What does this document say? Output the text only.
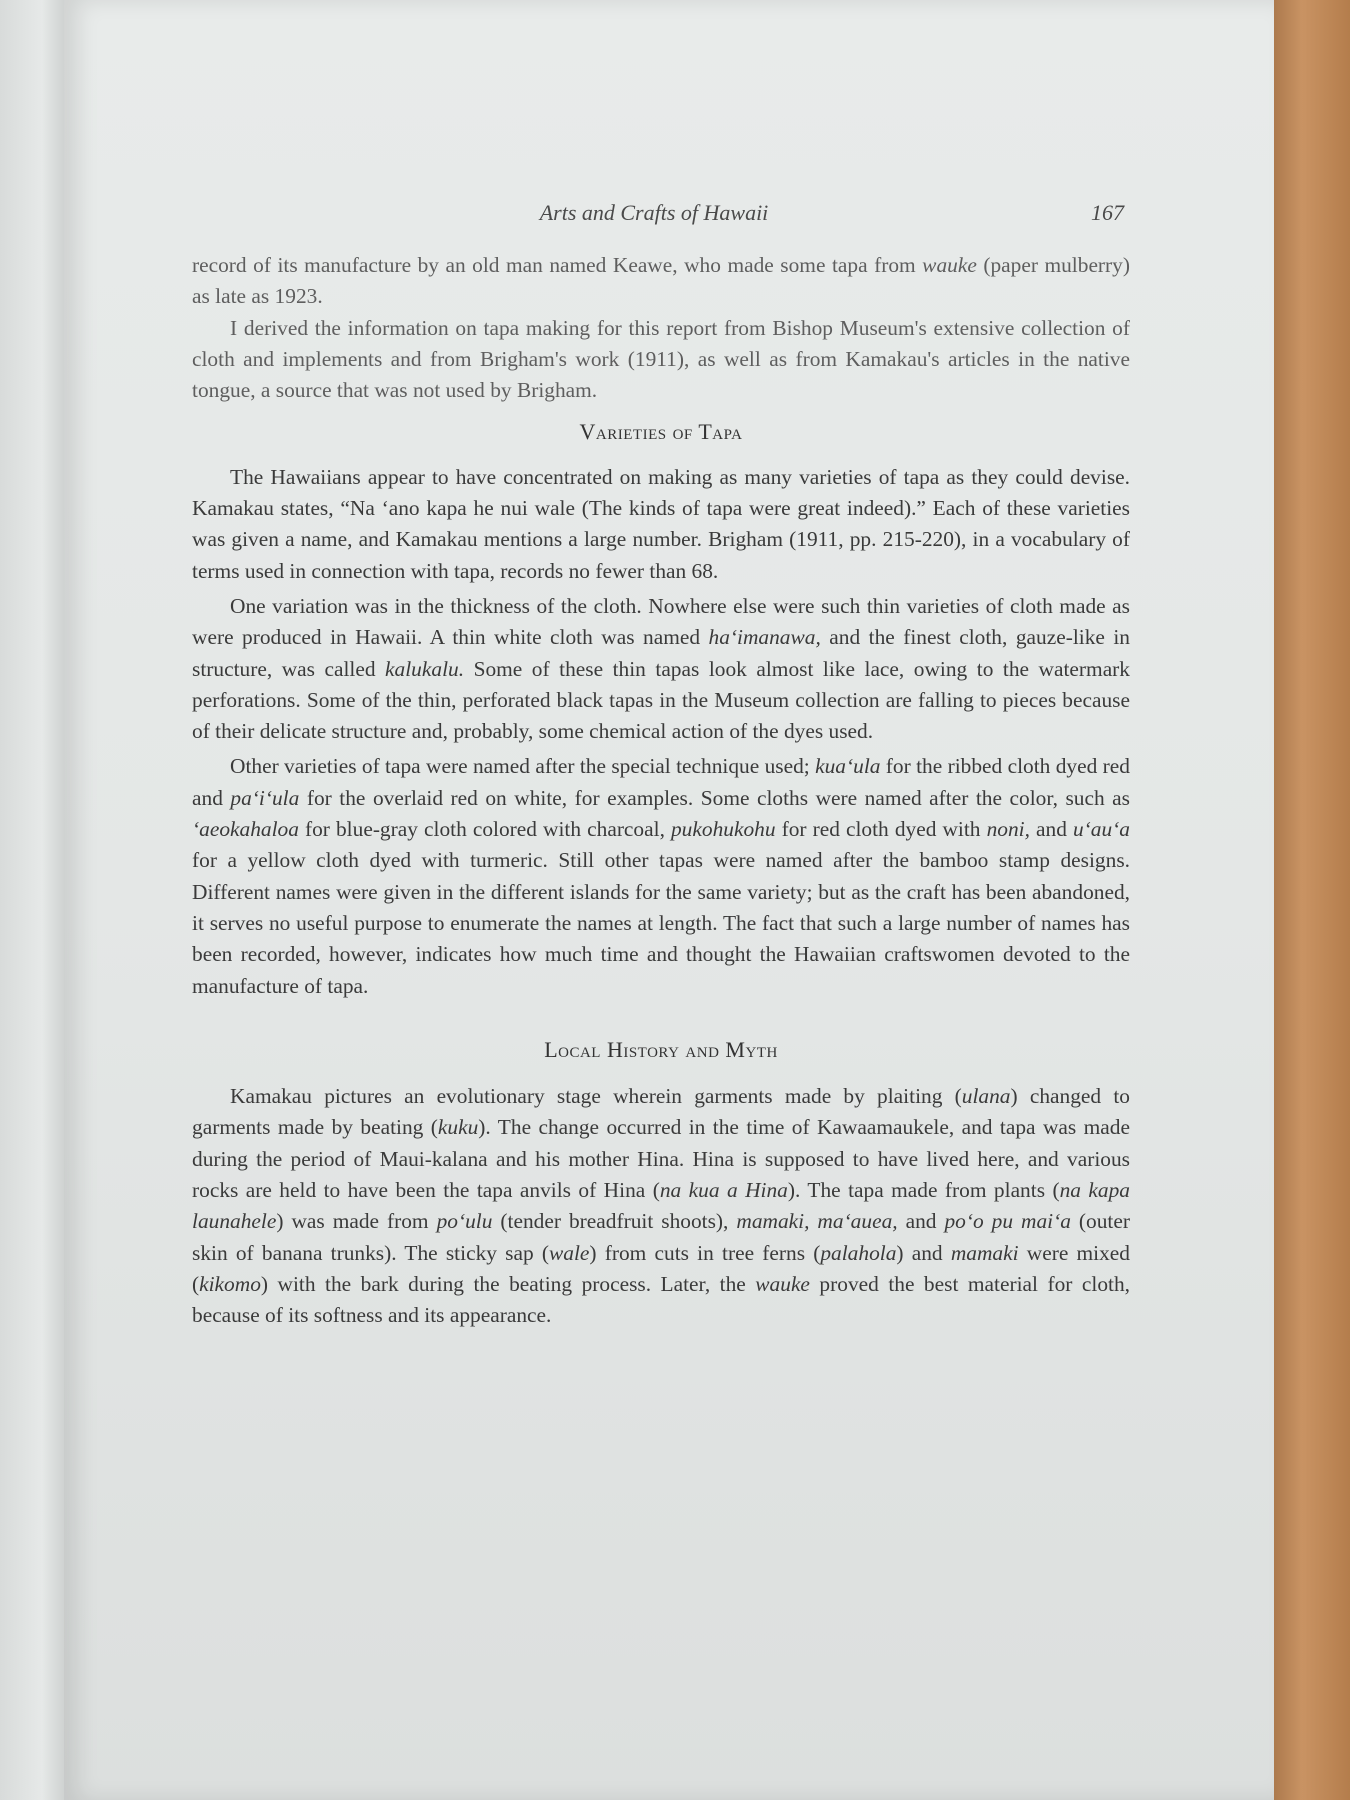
Arts and Crafts of Hawaii	167

record of its manufacture by an old man named Keawe, who made some tapa from wauke (paper mulberry) as late as 1923.

I derived the information on tapa making for this report from Bishop Museum's extensive collection of cloth and implements and from Brigham's work (1911), as well as from Kamakau's articles in the native tongue, a source that was not used by Brigham.

Varieties of Tapa

The Hawaiians appear to have concentrated on making as many varieties of tapa as they could devise. Kamakau states, “Na ‘ano kapa he nui wale (The kinds of tapa were great indeed).” Each of these varieties was given a name, and Kamakau mentions a large number. Brigham (1911, pp. 215-220), in a vocabulary of terms used in connection with tapa, records no fewer than 68.

One variation was in the thickness of the cloth. Nowhere else were such thin varieties of cloth made as were produced in Hawaii. A thin white cloth was named ha‘imanawa, and the finest cloth, gauze-like in structure, was called kalukalu. Some of these thin tapas look almost like lace, owing to the watermark perforations. Some of the thin, perforated black tapas in the Museum collection are falling to pieces because of their delicate structure and, probably, some chemical action of the dyes used.

Other varieties of tapa were named after the special technique used; kua‘ula for the ribbed cloth dyed red and pa‘i‘ula for the overlaid red on white, for examples. Some cloths were named after the color, such as ‘aeokahaloa for blue-gray cloth colored with charcoal, pukohukohu for red cloth dyed with noni, and u‘au‘a for a yellow cloth dyed with turmeric. Still other tapas were named after the bamboo stamp designs. Different names were given in the different islands for the same variety; but as the craft has been abandoned, it serves no useful purpose to enumerate the names at length. The fact that such a large number of names has been recorded, however, indicates how much time and thought the Hawaiian craftswomen devoted to the manufacture of tapa.

Local History and Myth

Kamakau pictures an evolutionary stage wherein garments made by plaiting (ulana) changed to garments made by beating (kuku). The change occurred in the time of Kawaamaukele, and tapa was made during the period of Maui-kalana and his mother Hina. Hina is supposed to have lived here, and various rocks are held to have been the tapa anvils of Hina (na kua a Hina). The tapa made from plants (na kapa launahele) was made from po‘ulu (tender breadfruit shoots), mamaki, ma‘auea, and po‘o pu mai‘a (outer skin of banana trunks). The sticky sap (wale) from cuts in tree ferns (palahola) and mamaki were mixed (kikomo) with the bark during the beating process. Later, the wauke proved the best material for cloth, because of its softness and its appearance.
